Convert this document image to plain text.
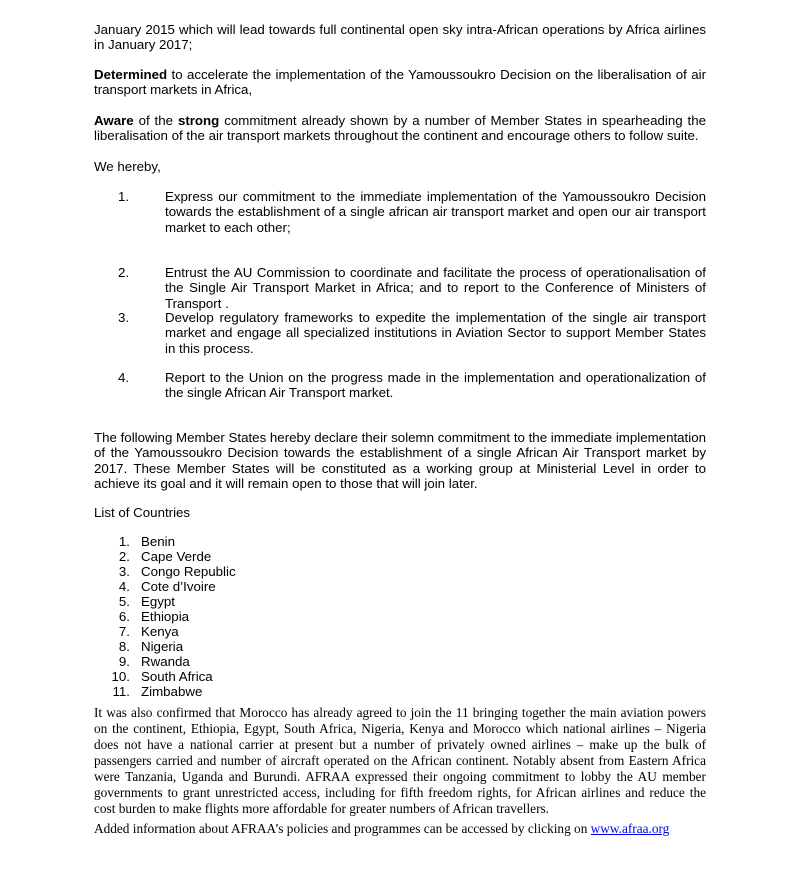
January 2015 which will lead towards full continental open sky intra-African operations by Africa airlines in January 2017;

Determined to accelerate the implementation of the Yamoussoukro Decision on the liberalisation of air transport markets in Africa,

Aware of the strong commitment already shown by a number of Member States in spearheading the liberalisation of the air transport markets throughout the continent and encourage others to follow suite.

We hereby,

1.	Express our commitment to the immediate implementation of the Yamoussoukro Decision towards the establishment of a single african air transport market and open our air transport market to each other;
2.	Entrust the AU Commission to coordinate and facilitate the process of operationalisation of the Single Air Transport Market in Africa; and to report to the Conference of Ministers of Transport .
3.	Develop regulatory frameworks to expedite the implementation of the single air transport market and engage all specialized institutions in Aviation Sector to support Member States in this process.
4.	Report to the Union on the progress made in the implementation and operationalization of the single African Air Transport market.

The following Member States hereby declare their solemn commitment to the immediate implementation of the Yamoussoukro Decision towards the establishment of a single African Air Transport market by 2017. These Member States will be constituted as a working group at Ministerial Level in order to achieve its goal and it will remain open to those that will join later.

List of Countries

1. Benin
2. Cape Verde
3. Congo Republic
4. Cote d’Ivoire
5. Egypt
6. Ethiopia
7. Kenya
8. Nigeria
9. Rwanda
10. South Africa
11. Zimbabwe

It was also confirmed that Morocco has already agreed to join the 11 bringing together the main aviation powers on the continent, Ethiopia, Egypt, South Africa, Nigeria, Kenya and Morocco which national airlines – Nigeria does not have a national carrier at present but a number of privately owned airlines – make up the bulk of passengers carried and number of aircraft operated on the African continent. Notably absent from Eastern Africa were Tanzania, Uganda and Burundi. AFRAA expressed their ongoing commitment to lobby the AU member governments to grant unrestricted access, including for fifth freedom rights, for African airlines and reduce the cost burden to make flights more affordable for greater numbers of African travellers.

Added information about AFRAA’s policies and programmes can be accessed by clicking on www.afraa.org
